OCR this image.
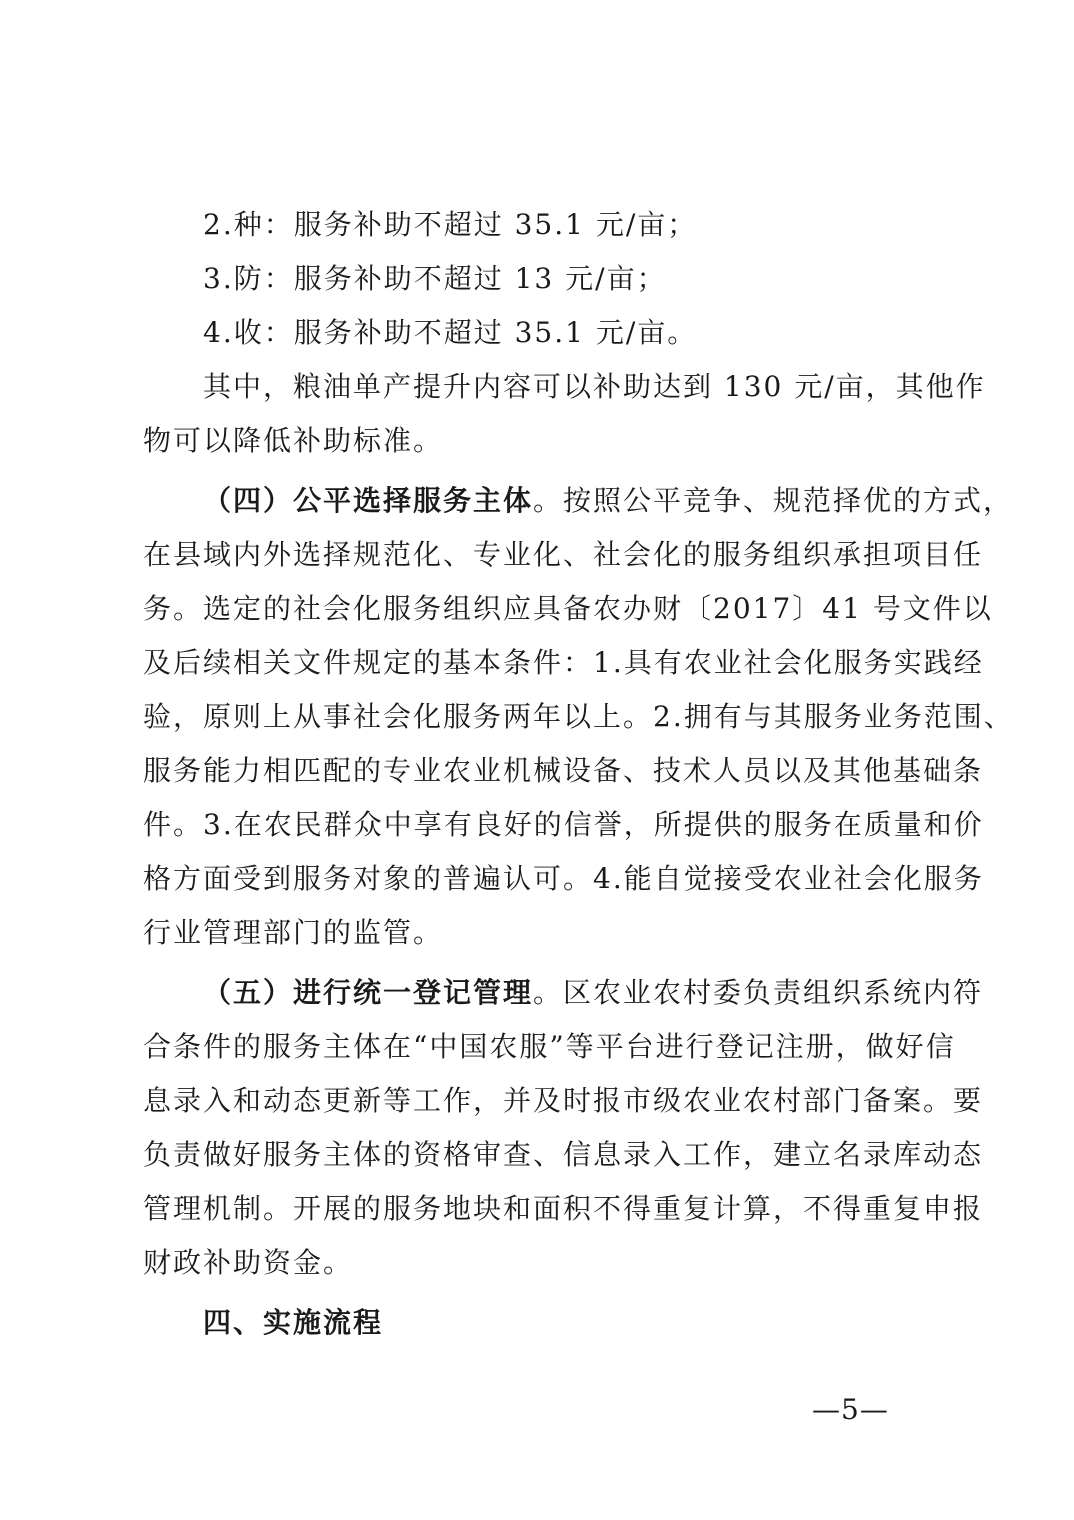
2.种：服务补助不超过 35.1 元/亩；
3.防：服务补助不超过 13 元/亩；
4.收：服务补助不超过 35.1 元/亩。
其中，粮油单产提升内容可以补助达到 130 元/亩，其他作
物可以降低补助标准。
（四）公平选择服务主体。按照公平竞争、规范择优的方式，
在县域内外选择规范化、专业化、社会化的服务组织承担项目任
务。选定的社会化服务组织应具备农办财〔2017〕41 号文件以
及后续相关文件规定的基本条件：1.具有农业社会化服务实践经
验，原则上从事社会化服务两年以上。2.拥有与其服务业务范围、
服务能力相匹配的专业农业机械设备、技术人员以及其他基础条
件。3.在农民群众中享有良好的信誉，所提供的服务在质量和价
格方面受到服务对象的普遍认可。4.能自觉接受农业社会化服务
行业管理部门的监管。
（五）进行统一登记管理。区农业农村委负责组织系统内符
合条件的服务主体在“中国农服”等平台进行登记注册，做好信
息录入和动态更新等工作，并及时报市级农业农村部门备案。要
负责做好服务主体的资格审查、信息录入工作，建立名录库动态
管理机制。开展的服务地块和面积不得重复计算，不得重复申报
财政补助资金。
四、实施流程
—5—
